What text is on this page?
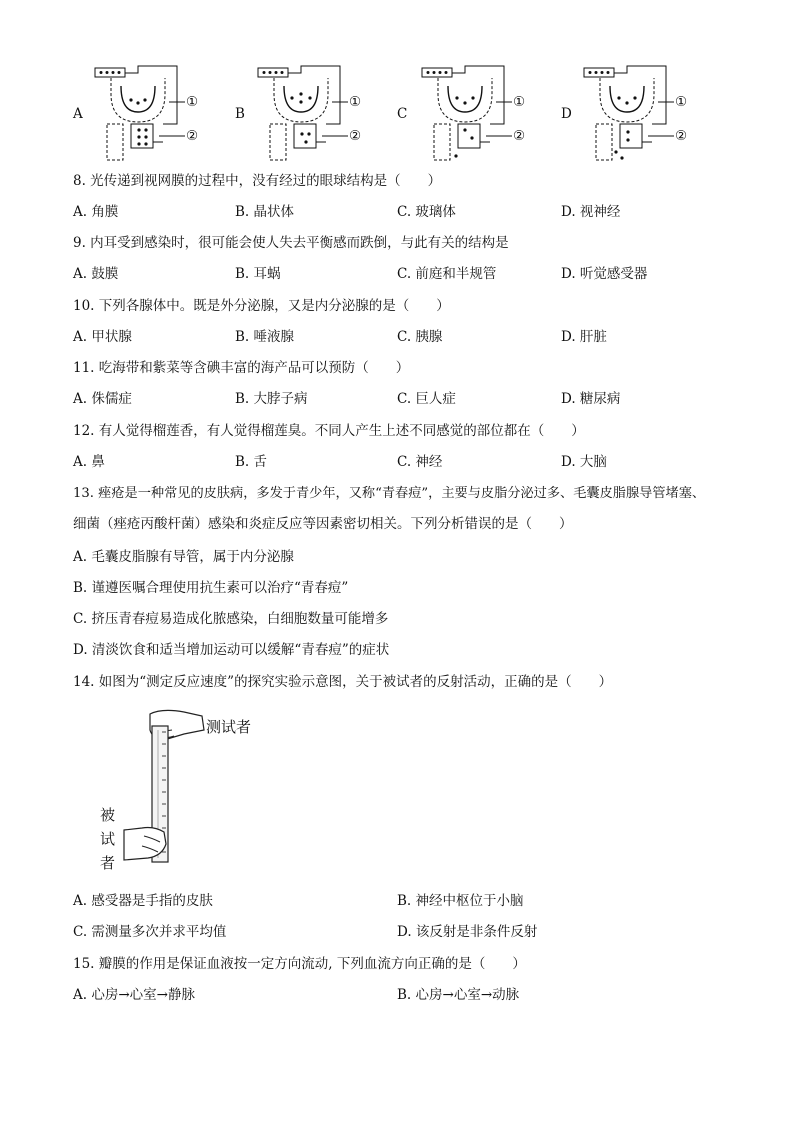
A	B	C	D
①
②
①
②
①
②
①
②
8. 光传递到视网膜的过程中，没有经过的眼球结构是（　　）
A. 角膜	B. 晶状体	C. 玻璃体	D. 视神经
9. 内耳受到感染时，很可能会使人失去平衡感而跌倒，与此有关的结构是
A. 鼓膜	B. 耳蜗	C. 前庭和半规管	D. 听觉感受器
10. 下列各腺体中。既是外分泌腺，又是内分泌腺的是（　　）
A. 甲状腺	B. 唾液腺	C. 胰腺	D. 肝脏
11. 吃海带和紫菜等含碘丰富的海产品可以预防（　　）
A. 侏儒症	B. 大脖子病	C. 巨人症	D. 糖尿病
12. 有人觉得榴莲香，有人觉得榴莲臭。不同人产生上述不同感觉的部位都在（　　）
A. 鼻	B. 舌	C. 神经	D. 大脑
13. 痤疮是一种常见的皮肤病，多发于青少年，又称“青春痘”，主要与皮脂分泌过多、毛囊皮脂腺导管堵塞、
细菌（痤疮丙酸杆菌）感染和炎症反应等因素密切相关。下列分析错误的是（　　）
A. 毛囊皮脂腺有导管，属于内分泌腺
B. 谨遵医嘱合理使用抗生素可以治疗“青春痘”
C. 挤压青春痘易造成化脓感染，白细胞数量可能增多
D. 清淡饮食和适当增加运动可以缓解“青春痘”的症状
14. 如图为“测定反应速度”的探究实验示意图，关于被试者的反射活动，正确的是（　　）
测试者
被
试
者
A. 感受器是手指的皮肤	B. 神经中枢位于小脑
C. 需测量多次并求平均值	D. 该反射是非条件反射
15. 瓣膜的作用是保证血液按一定方向流动, 下列血流方向正确的是（　　）
A. 心房→心室→静脉	B. 心房→心室→动脉
